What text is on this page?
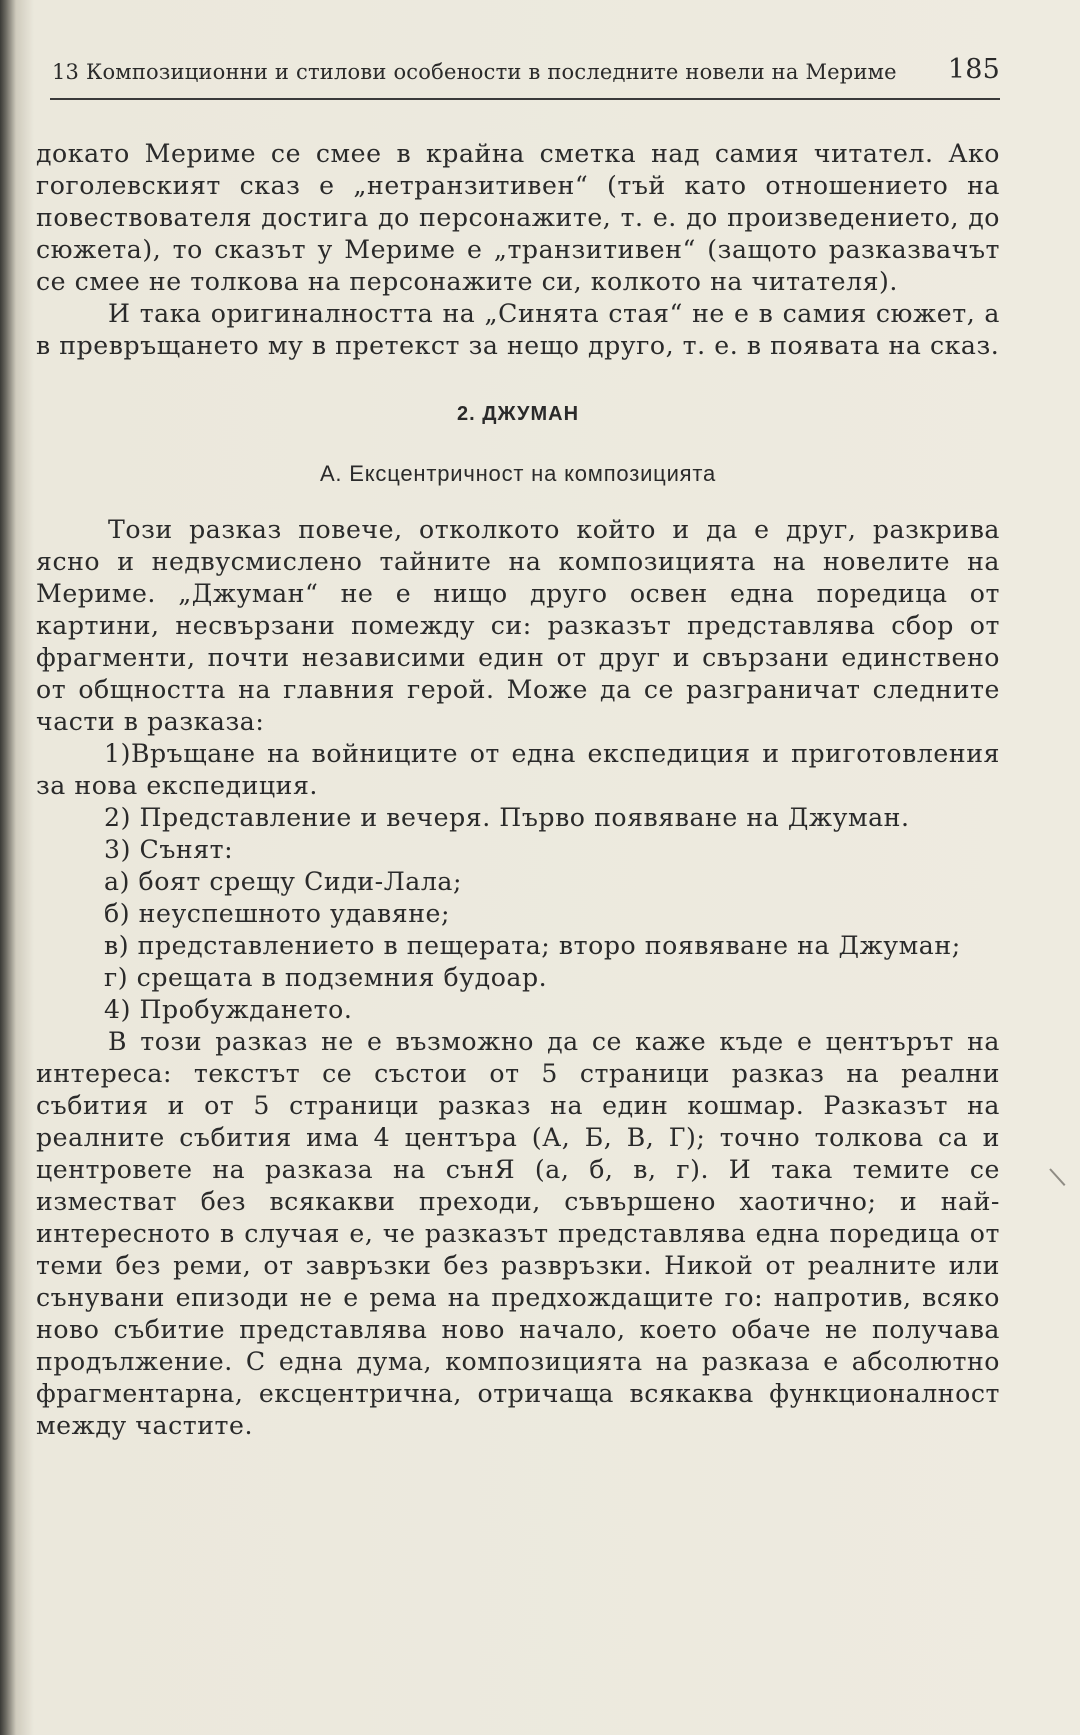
13 Композиционни и стилови особености в последните новели на Мериме 185

докато Мериме се смее в крайна сметка над самия читател. Ако гоголевският сказ е „нетранзитивен“ (тъй като отношението на повествователя достига до персонажите, т. е. до произведението, до сюжета), то сказът у Мериме е „транзитивен“ (защото разказвачът се смее не толкова на персонажите си, колкото на читателя).

И така оригиналността на „Синята стая“ не е в самия сюжет, а в превръщането му в претекст за нещо друго, т. е. в появата на сказ.

2. ДЖУМАН
А. Ексцентричност на композицията

Този разказ повече, отколкото който и да е друг, разкрива ясно и недвусмислено тайните на композицията на новелите на Мериме. „Джуман“ не е нищо друго освен една поредица от картини, несвързани помежду си: разказът представлява сбор от фрагменти, почти независими един от друг и свързани единствено от общността на главния герой. Може да се разграничат следните части в разказа:

1)Връщане на войниците от една експедиция и приготовления за нова експедиция.

2) Представление и вечеря. Първо появяване на Джуман.

3) Сънят:

а) боят срещу Сиди-Лала;

б) неуспешното удавяне;

в) представлението в пещерата; второ появяване на Джуман;

г) срещата в подземния будоар.

4) Пробуждането.

В този разказ не е възможно да се каже къде е центърът на интереса: текстът се състои от 5 страници разказ на реални събития и от 5 страници разказ на един кошмар. Разказът на реалните събития има 4 центъра (А, Б, В, Г); точно толкова са и центровете на разказа на сънЯ (а, б, в, г). И така темите се изместват без всякакви преходи, съвършено хаотично; и най-интересното в случая е, че разказът представлява една поредица от теми без реми, от завръзки без развръзки. Никой от реалните или сънувани епизоди не е рема на предхождащите го: напротив, всяко ново събитие представлява ново начало, което обаче не получава продължение. С една дума, композицията на разказа е абсолютно фрагментарна, ексцентрична, отричаща всякаква функционалност между частите.
